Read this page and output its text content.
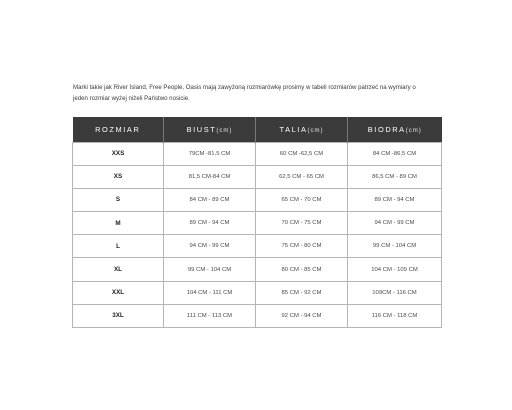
Marki takie jak River Island, Free People, Oasis mają zawyżoną rozmiarówkę prosimy w tabeli rozmiarów patrzeć na wymiary o
jeden rozmiar wyżej niżeli Państwo nosicie.
ROZMIAR	BIUST(cm)	TALIA(cm)	BIODRA(cm)
XXS	79CM -81,5 CM	60 CM -62,5 CM	84 CM -86,5 CM
XS	81,5 CM-84 CM	62,5 CM - 65 CM	86,5 CM - 89 CM
S	84 CM - 89 CM	65 CM - 70 CM	89 CM - 94 CM
M	89 CM - 94 CM	70 CM - 75 CM	94 CM - 99 CM
L	94 CM - 99 CM	75 CM - 80 CM	99 CM - 104 CM
XL	99 CM - 104 CM	80 CM - 85 CM	104 CM - 109 CM
XXL	104 CM - 111 CM	85 CM - 92 CM	109CM - 116 CM
3XL	111 CM - 113 CM	92 CM - 94 CM	116 CM - 118 CM
